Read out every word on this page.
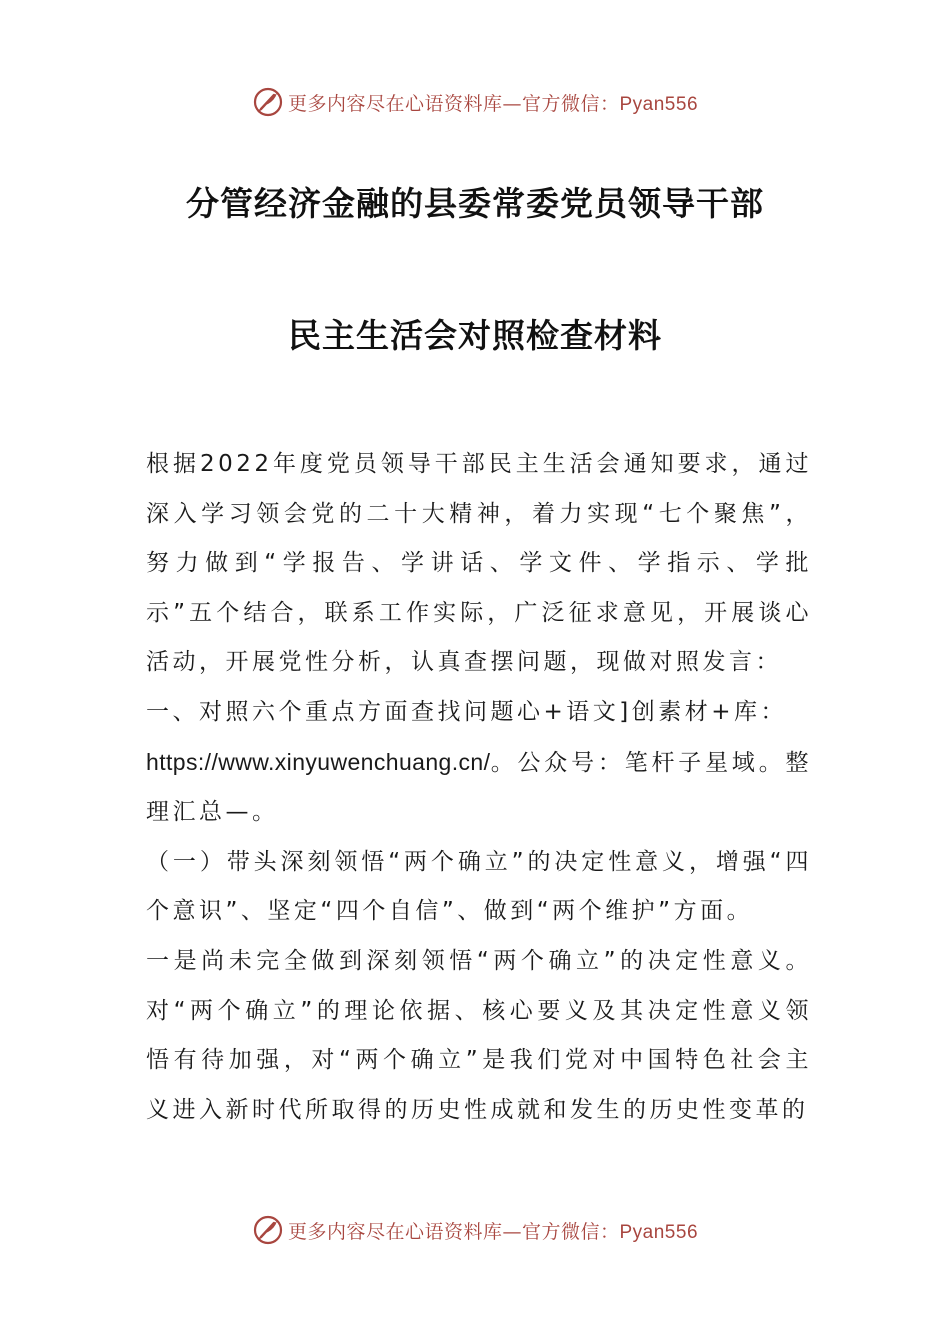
更多内容尽在心语资料库—官方微信：Pyan556
分管经济金融的县委常委党员领导干部
民主生活会对照检查材料

根据2022年度党员领导干部民主生活会通知要求，通过深入学习领会党的二十大精神，着力实现“七个聚焦”，努力做到“学报告、学讲话、学文件、学指示、学批示”五个结合，联系工作实际，广泛征求意见，开展谈心活动，开展党性分析，认真查摆问题，现做对照发言：

一、对照六个重点方面查找问题心+语文]创素材+库：

https://www.xinyuwenchuang.cn/。公众号：笔杆子星域。整理汇总—。

（一）带头深刻领悟“两个确立”的决定性意义，增强“四个意识”、坚定“四个自信”、做到“两个维护”方面。

一是尚未完全做到深刻领悟“两个确立”的决定性意义。对“两个确立”的理论依据、核心要义及其决定性意义领悟有待加强，对“两个确立”是我们党对中国特色社会主义进入新时代所取得的历史性成就和发生的历史性变革的

更多内容尽在心语资料库—官方微信：Pyan556
